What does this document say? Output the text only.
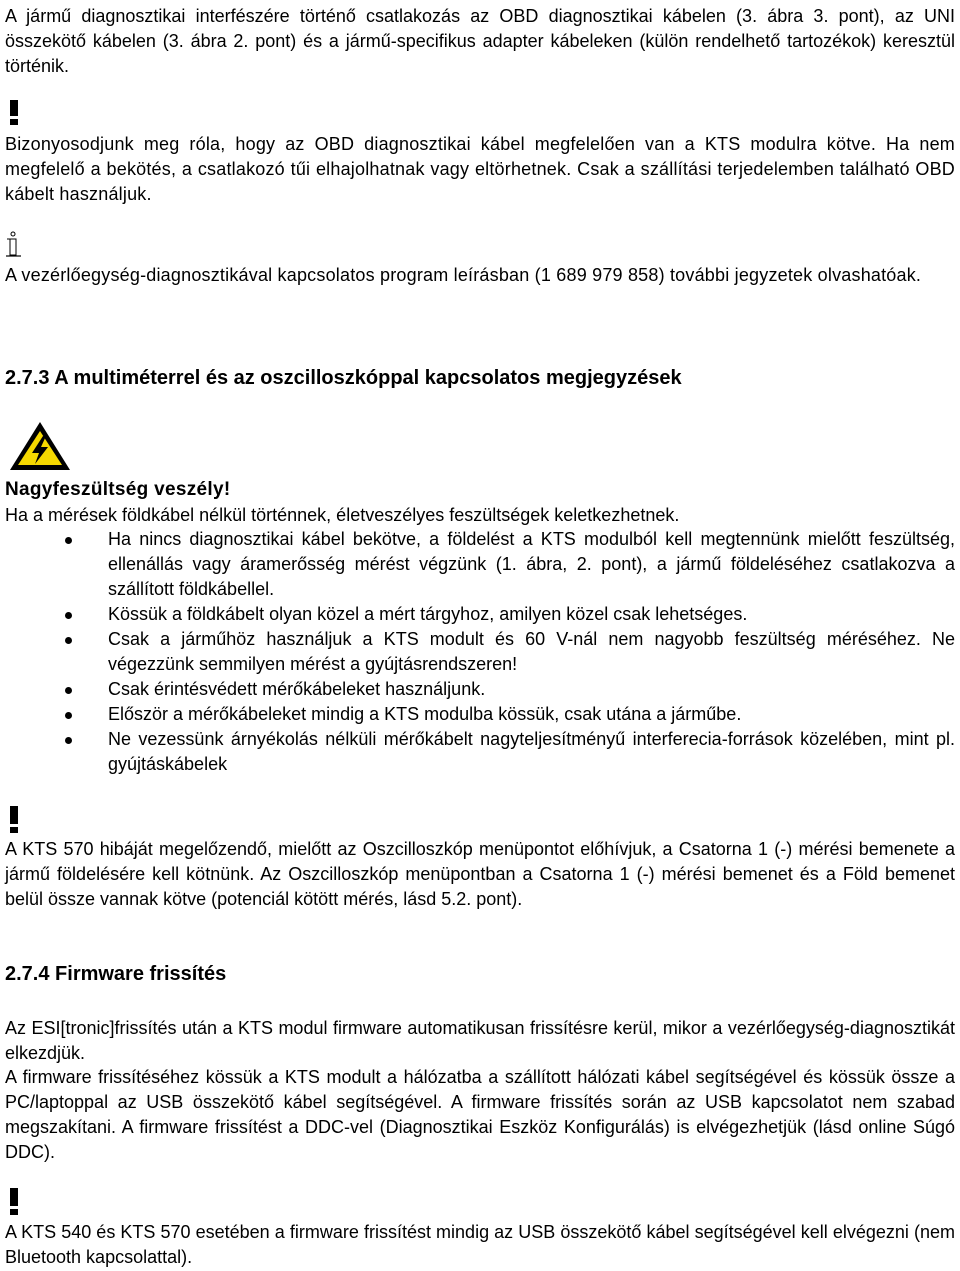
A jármű diagnosztikai interfészére történő csatlakozás az OBD diagnosztikai kábelen (3. ábra 3. pont), az UNI összekötő kábelen (3. ábra 2. pont) és a jármű-specifikus adapter kábeleken (külön rendelhető tartozékok) keresztül történik.

Bizonyosodjunk meg róla, hogy az OBD diagnosztikai kábel megfelelően van a KTS modulra kötve. Ha nem megfelelő a bekötés, a csatlakozó tűi elhajolhatnak vagy eltörhetnek. Csak a szállítási terjedelemben található OBD kábelt használjuk.

A vezérlőegység-diagnosztikával kapcsolatos program leírásban (1 689 979 858) további jegyzetek olvashatóak.

2.7.3 A multiméterrel és az oszcilloszkóppal kapcsolatos megjegyzések

Nagyfeszültség veszély!

Ha a mérések földkábel nélkül történnek, életveszélyes feszültségek keletkezhetnek.

Ha nincs diagnosztikai kábel bekötve, a földelést a KTS modulból kell megtennünk mielőtt feszültség, ellenállás vagy áramerősség mérést végzünk (1. ábra, 2. pont), a jármű földeléséhez csatlakozva a szállított földkábellel.
Kössük a földkábelt olyan közel a mért tárgyhoz, amilyen közel csak lehetséges.
Csak a járműhöz használjuk a KTS modult és 60 V-nál nem nagyobb feszültség méréséhez. Ne végezzünk semmilyen mérést a gyújtásrendszeren!
Csak érintésvédett mérőkábeleket használjunk.
Először a mérőkábeleket mindig a KTS modulba kössük, csak utána a járműbe.
Ne vezessünk árnyékolás nélküli mérőkábelt nagyteljesítményű interferecia-források közelében, mint pl. gyújtáskábelek

A KTS 570 hibáját megelőzendő, mielőtt az Oszcilloszkóp menüpontot előhívjuk, a Csatorna 1 (-) mérési bemenete a jármű földelésére kell kötnünk. Az Oszcilloszkóp menüpontban a Csatorna 1 (-) mérési bemenet és a Föld bemenet belül össze vannak kötve (potenciál kötött mérés, lásd 5.2. pont).

2.7.4 Firmware frissítés

Az ESI[tronic]frissítés után a KTS modul firmware automatikusan frissítésre kerül, mikor a vezérlőegység-diagnosztikát elkezdjük.

A firmware frissítéséhez kössük a KTS modult a hálózatba a szállított hálózati kábel segítségével és kössük össze a PC/laptoppal az USB összekötő kábel segítségével. A firmware frissítés során az USB kapcsolatot nem szabad megszakítani. A firmware frissítést a DDC-vel (Diagnosztikai Eszköz Konfigurálás) is elvégezhetjük (lásd online Súgó DDC).

A KTS 540 és KTS 570 esetében a firmware frissítést mindig az USB összekötő kábel segítségével kell elvégezni (nem Bluetooth kapcsolattal).
